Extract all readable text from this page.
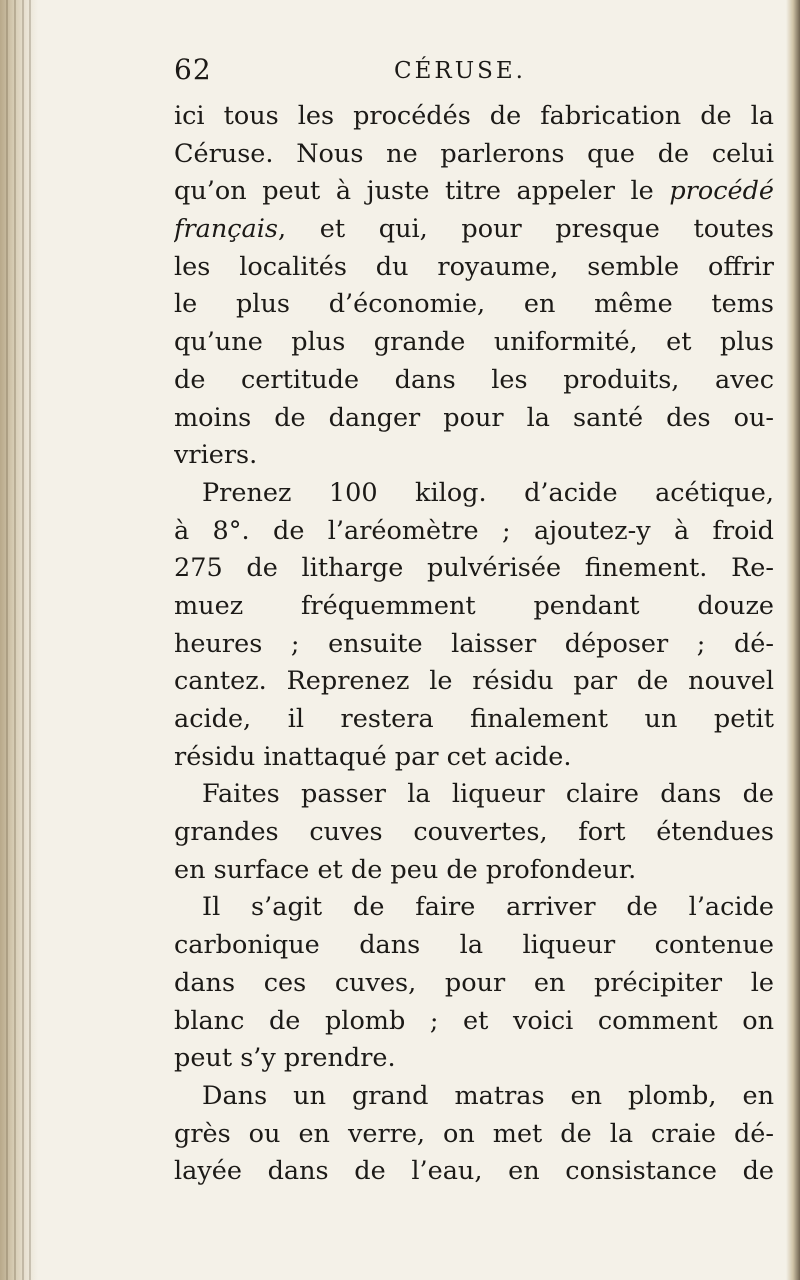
62	CÉRUSE.
ici tous les procédés de fabrication de la
Céruse. Nous ne parlerons que de celui
qu’on peut à juste titre appeler le procédé
français, et qui, pour presque toutes
les localités du royaume, semble offrir
le plus d’économie, en même tems
qu’une plus grande uniformité, et plus
de certitude dans les produits, avec
moins de danger pour la santé des ou-
vriers.
Prenez 100 kilog. d’acide acétique,
à 8°. de l’aréomètre ; ajoutez-y à froid
275 de litharge pulvérisée finement. Re-
muez fréquemment pendant douze
heures ; ensuite laisser déposer ; dé-
cantez. Reprenez le résidu par de nouvel
acide, il restera finalement un petit
résidu inattaqué par cet acide.
Faites passer la liqueur claire dans de
grandes cuves couvertes, fort étendues
en surface et de peu de profondeur.
Il s’agit de faire arriver de l’acide
carbonique dans la liqueur contenue
dans ces cuves, pour en précipiter le
blanc de plomb ; et voici comment on
peut s’y prendre.
Dans un grand matras en plomb, en
grès ou en verre, on met de la craie dé-
layée dans de l’eau, en consistance de
